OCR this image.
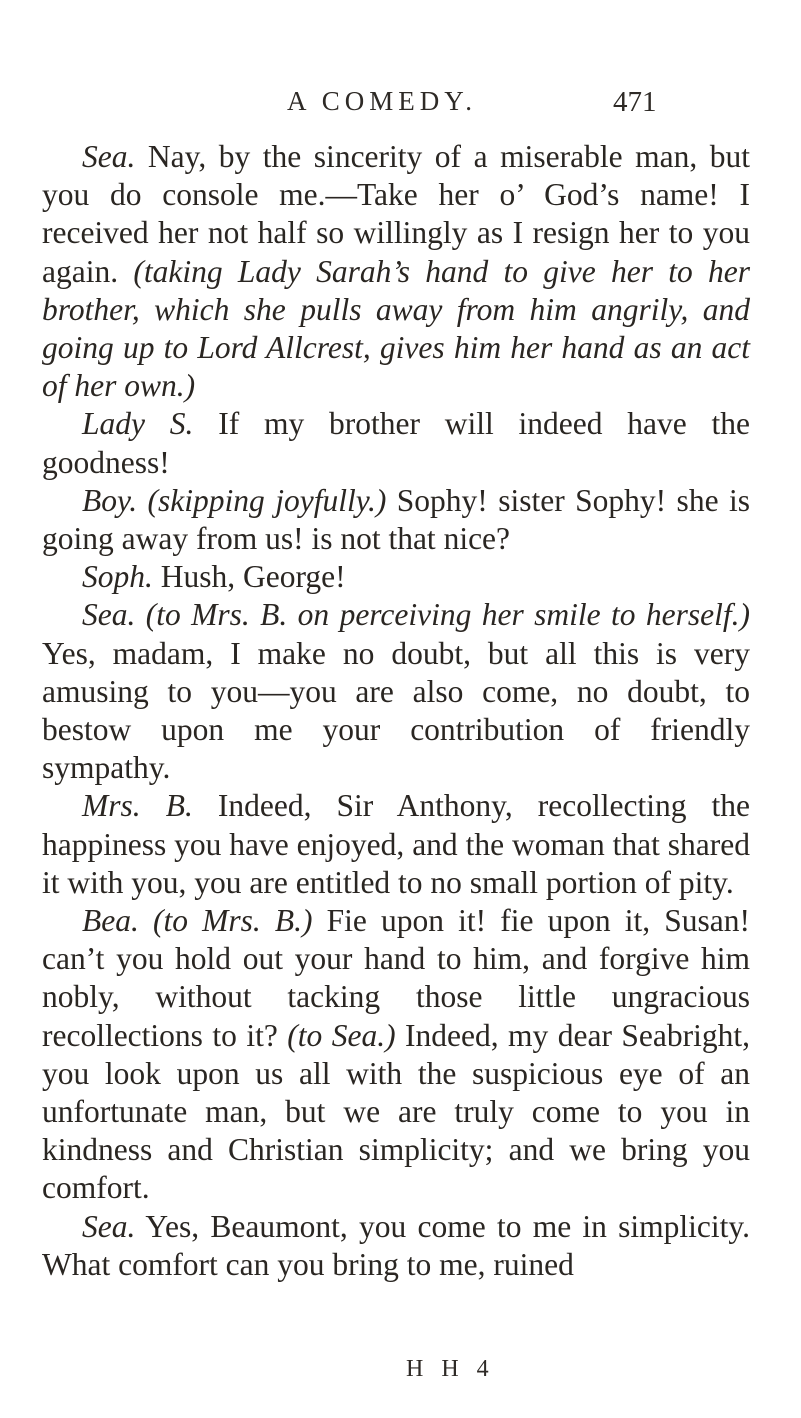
A COMEDY.	471

Sea. Nay, by the sincerity of a miserable man, but you do console me.—Take her o’ God’s name! I received her not half so willingly as I resign her to you again. (taking Lady Sarah’s hand to give her to her brother, which she pulls away from him angrily, and going up to Lord Allcrest, gives him her hand as an act of her own.)

Lady S. If my brother will indeed have the goodness!

Boy. (skipping joyfully.) Sophy! sister Sophy! she is going away from us! is not that nice?

Soph. Hush, George!

Sea. (to Mrs. B. on perceiving her smile to herself.) Yes, madam, I make no doubt, but all this is very amusing to you—you are also come, no doubt, to bestow upon me your contribution of friendly sympathy.

Mrs. B. Indeed, Sir Anthony, recollecting the happiness you have enjoyed, and the woman that shared it with you, you are entitled to no small portion of pity.

Bea. (to Mrs. B.) Fie upon it! fie upon it, Susan! can’t you hold out your hand to him, and forgive him nobly, without tacking those little ungracious recollections to it? (to Sea.) Indeed, my dear Seabright, you look upon us all with the suspicious eye of an unfortunate man, but we are truly come to you in kindness and Christian simplicity; and we bring you comfort.

Sea. Yes, Beaumont, you come to me in simplicity. What comfort can you bring to me, ruined

H H 4
